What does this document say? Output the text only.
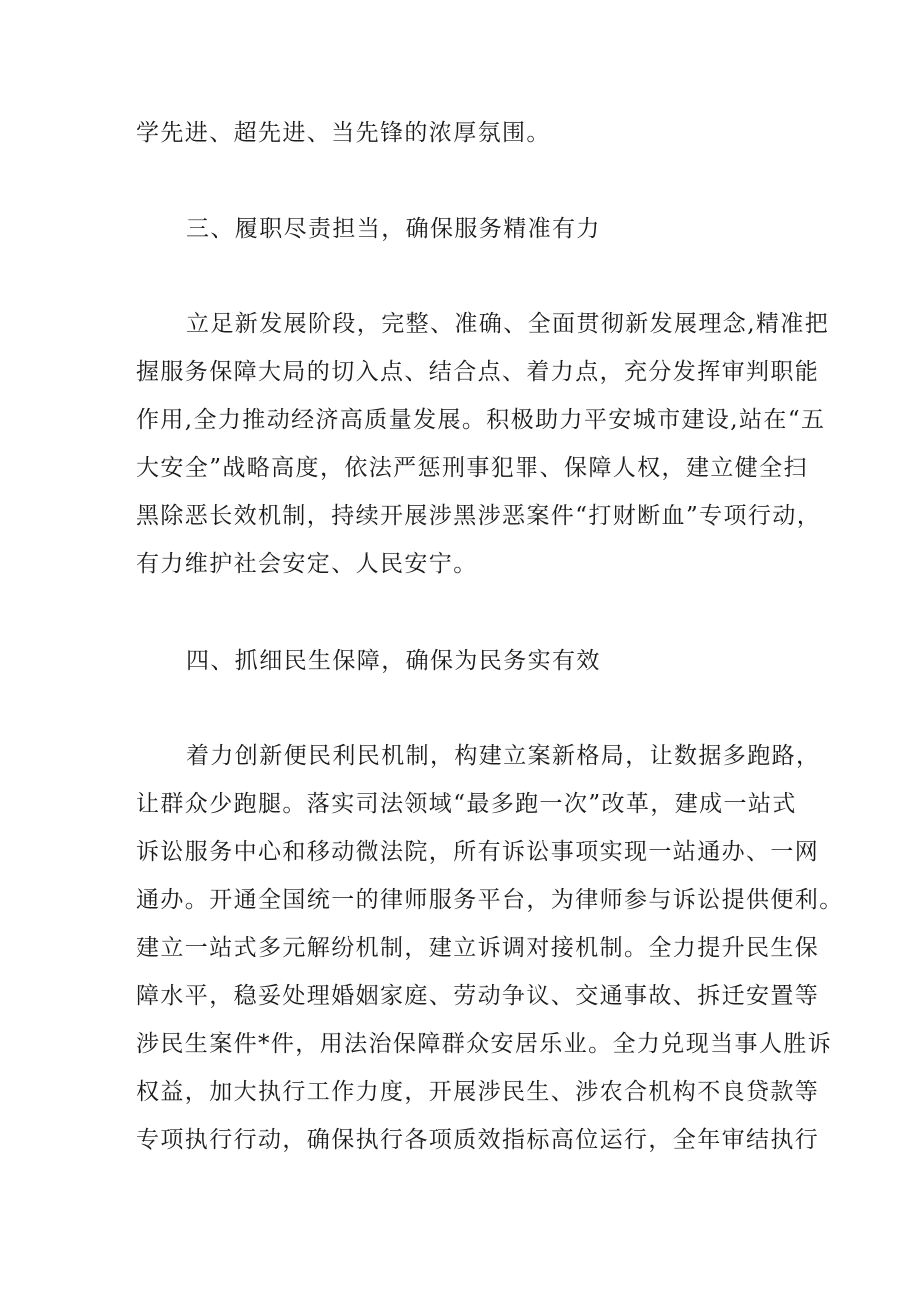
学先进、超先进、当先锋的浓厚氛围。
三、履职尽责担当，确保服务精准有力
立足新发展阶段，完整、准确、全面贯彻新发展理念,精准把
握服务保障大局的切入点、结合点、着力点，充分发挥审判职能
作用,全力推动经济高质量发展。积极助力平安城市建设,站在“五
大安全”战略高度，依法严惩刑事犯罪、保障人权，建立健全扫
黑除恶长效机制，持续开展涉黑涉恶案件“打财断血”专项行动，
有力维护社会安定、人民安宁。
四、抓细民生保障，确保为民务实有效
着力创新便民利民机制，构建立案新格局，让数据多跑路，
让群众少跑腿。落实司法领域“最多跑一次”改革，建成一站式
诉讼服务中心和移动微法院，所有诉讼事项实现一站通办、一网
通办。开通全国统一的律师服务平台，为律师参与诉讼提供便利。
建立一站式多元解纷机制，建立诉调对接机制。全力提升民生保
障水平，稳妥处理婚姻家庭、劳动争议、交通事故、拆迁安置等
涉民生案件*件，用法治保障群众安居乐业。全力兑现当事人胜诉
权益，加大执行工作力度，开展涉民生、涉农合机构不良贷款等
专项执行行动，确保执行各项质效指标高位运行，全年审结执行
